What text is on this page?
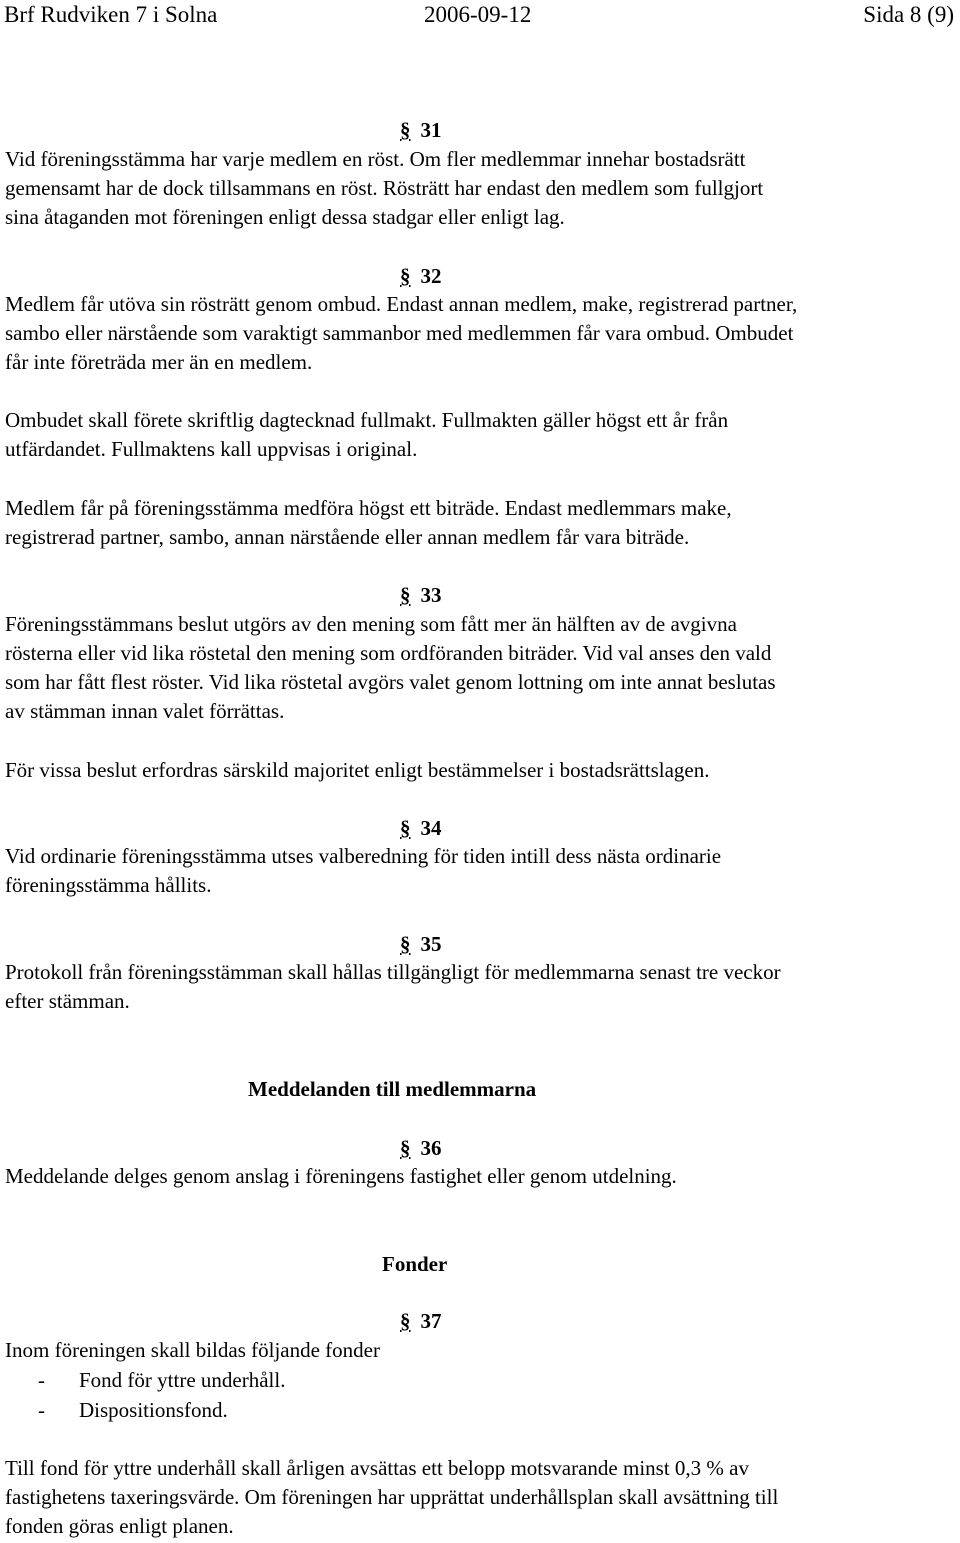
Brf Rudviken 7 i Solna	2006-09-12	Sida 8 (9)
§ 31
Vid föreningsstämma har varje medlem en röst. Om fler medlemmar innehar bostadsrätt
gemensamt har de dock tillsammans en röst. Rösträtt har endast den medlem som fullgjort
sina åtaganden mot föreningen enligt dessa stadgar eller enligt lag.
§ 32
Medlem får utöva sin rösträtt genom ombud. Endast annan medlem, make, registrerad partner,
sambo eller närstående som varaktigt sammanbor med medlemmen får vara ombud. Ombudet
får inte företräda mer än en medlem.
Ombudet skall förete skriftlig dagtecknad fullmakt. Fullmakten gäller högst ett år från
utfärdandet. Fullmaktens kall uppvisas i original.
Medlem får på föreningsstämma medföra högst ett biträde. Endast medlemmars make,
registrerad partner, sambo, annan närstående eller annan medlem får vara biträde.
§ 33
Föreningsstämmans beslut utgörs av den mening som fått mer än hälften av de avgivna
rösterna eller vid lika röstetal den mening som ordföranden biträder. Vid val anses den vald
som har fått flest röster. Vid lika röstetal avgörs valet genom lottning om inte annat beslutas
av stämman innan valet förrättas.
För vissa beslut erfordras särskild majoritet enligt bestämmelser i bostadsrättslagen.
§ 34
Vid ordinarie föreningsstämma utses valberedning för tiden intill dess nästa ordinarie
föreningsstämma hållits.
§ 35
Protokoll från föreningsstämman skall hållas tillgängligt för medlemmarna senast tre veckor
efter stämman.
Meddelanden till medlemmarna
§ 36
Meddelande delges genom anslag i föreningens fastighet eller genom utdelning.
Fonder
§ 37
Inom föreningen skall bildas följande fonder
- Fond för yttre underhåll.
- Dispositionsfond.
Till fond för yttre underhåll skall årligen avsättas ett belopp motsvarande minst 0,3 % av
fastighetens taxeringsvärde. Om föreningen har upprättat underhållsplan skall avsättning till
fonden göras enligt planen.
